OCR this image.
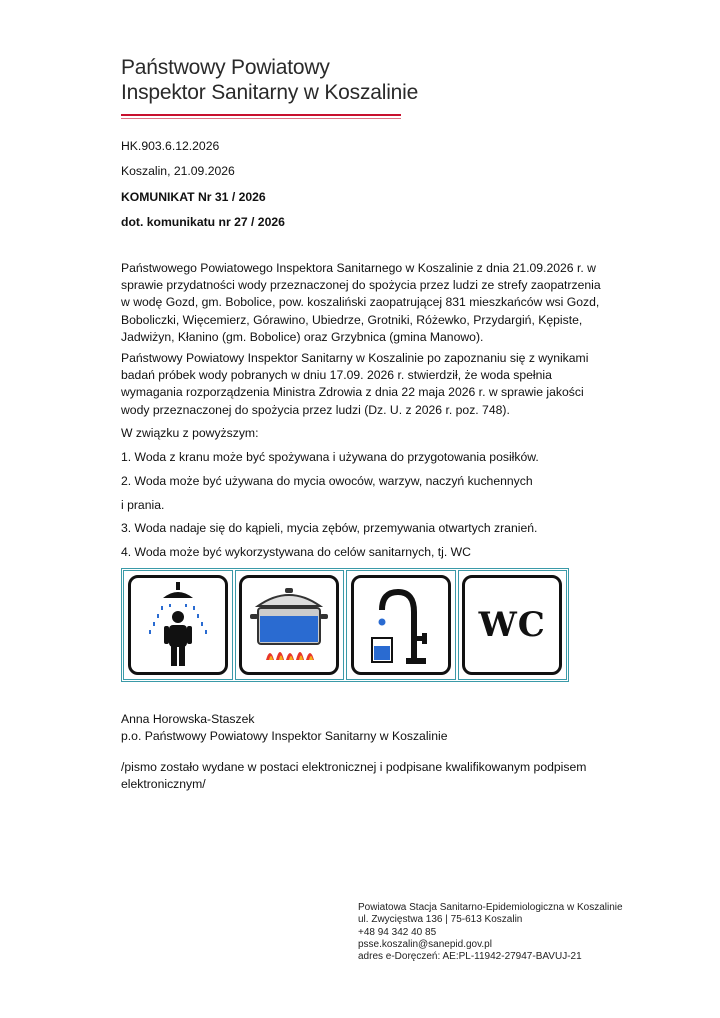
Państwowy Powiatowy
Inspektor Sanitarny w Koszalinie
HK.903.6.12.2026
Koszalin, 21.09.2026
KOMUNIKAT Nr 31 / 2026
dot. komunikatu nr 27 / 2026
Państwowego Powiatowego Inspektora Sanitarnego w Koszalinie z dnia 21.09.2026 r. w sprawie przydatności wody przeznaczonej do spożycia przez ludzi ze strefy zaopatrzenia w wodę Gozd, gm. Bobolice, pow. koszaliński zaopatrującej 831 mieszkańców wsi Gozd, Boboliczki, Więcemierz, Górawino, Ubiedrze, Grotniki, Różewko, Przydargiń, Kępiste, Jadwiżyn, Kłanino (gm. Bobolice) oraz Grzybnica (gmina Manowo).
Państwowy Powiatowy Inspektor Sanitarny w Koszalinie po zapoznaniu się z wynikami badań próbek wody pobranych w dniu 17.09. 2026 r. stwierdził, że woda spełnia wymagania rozporządzenia Ministra Zdrowia z dnia 22 maja 2026 r. w sprawie jakości wody przeznaczonej do spożycia przez ludzi (Dz. U. z 2026 r. poz. 748).
W związku z powyższym:
1. Woda z kranu może być spożywana i używana do przygotowania posiłków.
2. Woda może być używana do mycia owoców, warzyw, naczyń kuchennych
i prania.
3. Woda nadaje się do kąpieli, mycia zębów, przemywania otwartych zranień.
4. Woda może być wykorzystywana do celów sanitarnych, tj. WC
WC
Anna Horowska-Staszek
p.o. Państwowy Powiatowy Inspektor Sanitarny w Koszalinie
/pismo zostało wydane w postaci elektronicznej i podpisane kwalifikowanym podpisem elektronicznym/
Powiatowa Stacja Sanitarno-Epidemiologiczna w Koszalinie
ul. Zwycięstwa 136 | 75-613 Koszalin
+48 94 342 40 85
psse.koszalin@sanepid.gov.pl
adres e-Doręczeń: AE:PL-11942-27947-BAVUJ-21
